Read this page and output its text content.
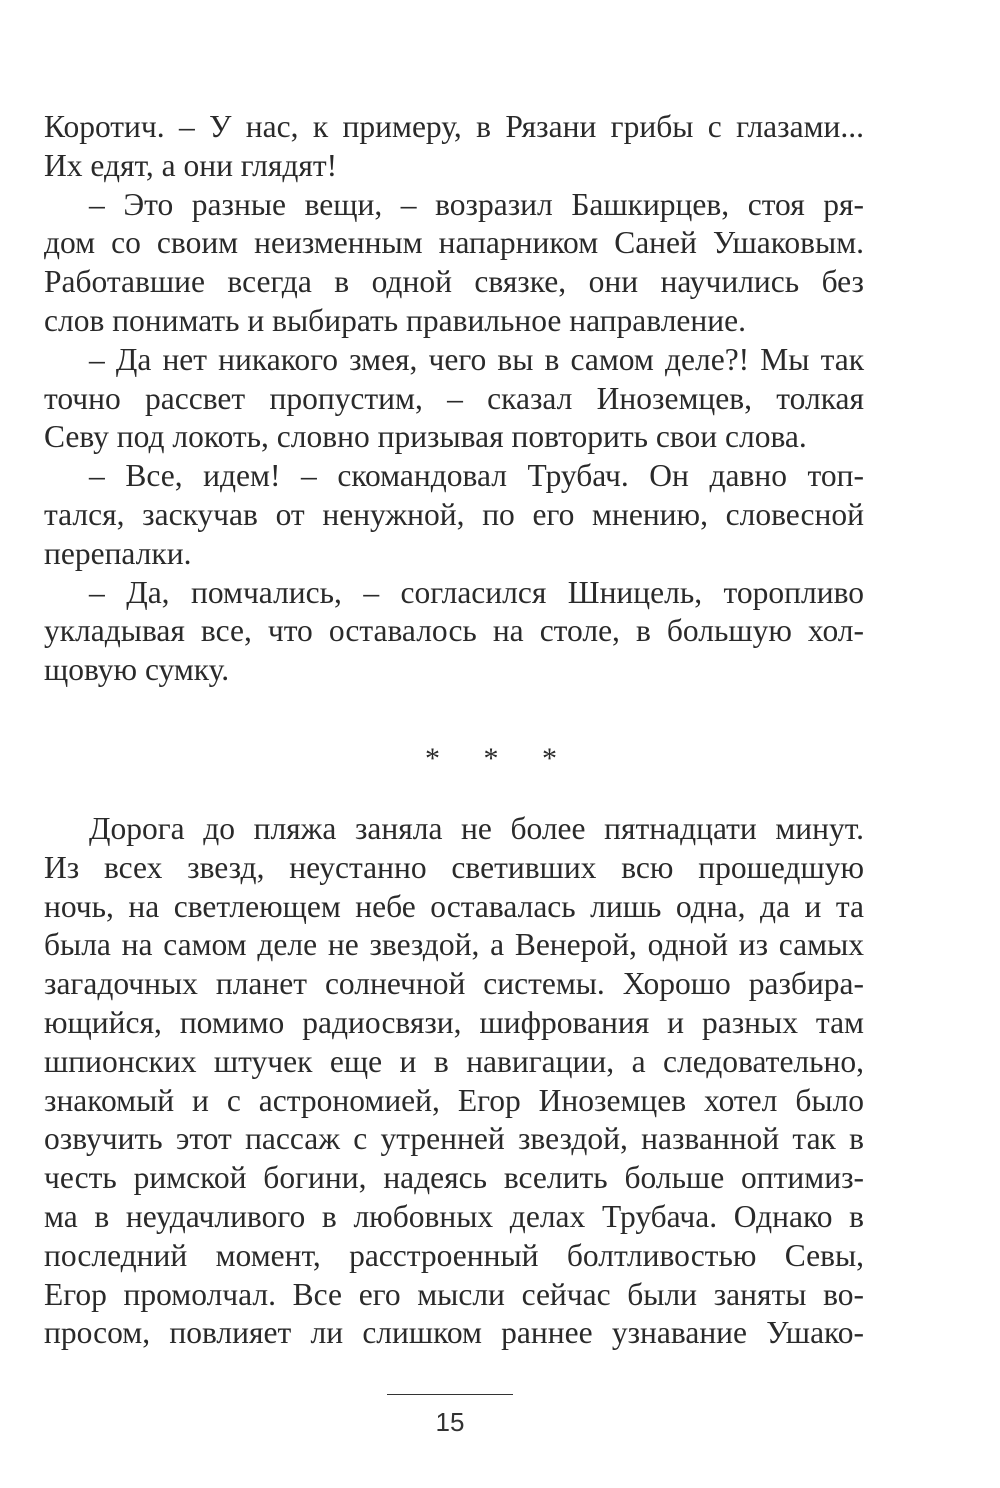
Коротич. – У нас, к примеру, в Рязани грибы с глазами...
Их едят, а они глядят!
– Это разные вещи, – возразил Башкирцев, стоя ря-
дом со своим неизменным напарником Саней Ушаковым.
Работавшие всегда в одной связке, они научились без
слов понимать и выбирать правильное направление.
– Да нет никакого змея, чего вы в самом деле?! Мы так
точно рассвет пропустим, – сказал Иноземцев, толкая
Севу под локоть, словно призывая повторить свои слова.
– Все, идем! – скомандовал Трубач. Он давно топ-
тался, заскучав от ненужной, по его мнению, словесной
перепалки.
– Да, помчались, – согласился Шницель, торопливо
укладывая все, что оставалось на столе, в большую хол-
щовую сумку.
* * *
Дорога до пляжа заняла не более пятнадцати минут.
Из всех звезд, неустанно светивших всю прошедшую
ночь, на светлеющем небе оставалась лишь одна, да и та
была на самом деле не звездой, а Венерой, одной из самых
загадочных планет солнечной системы. Хорошо разбира-
ющийся, помимо радиосвязи, шифрования и разных там
шпионских штучек еще и в навигации, а следовательно,
знакомый и с астрономией, Егор Иноземцев хотел было
озвучить этот пассаж с утренней звездой, названной так в
честь римской богини, надеясь вселить больше оптимиз-
ма в неудачливого в любовных делах Трубача. Однако в
последний момент, расстроенный болтливостью Севы,
Егор промолчал. Все его мысли сейчас были заняты во-
просом, повлияет ли слишком раннее узнавание Ушако-
15
